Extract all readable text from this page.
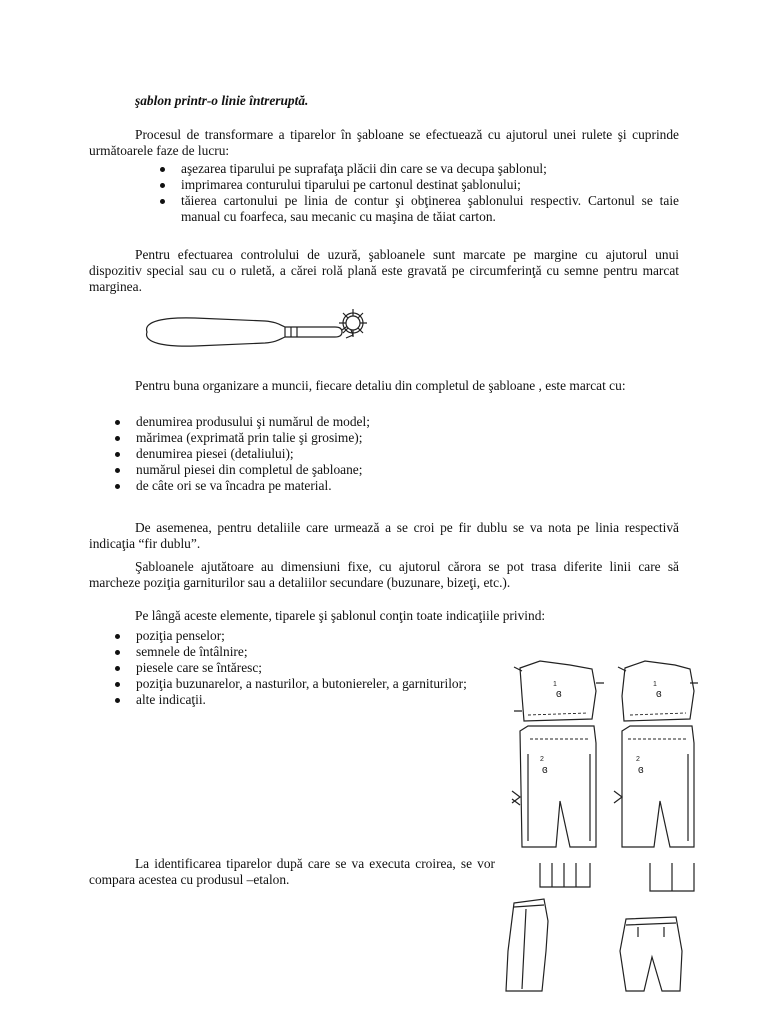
şablon printr-o linie întreruptă.
Procesul de transformare a tiparelor în şabloane se efectuează cu ajutorul unei rulete şi cuprinde următoarele faze de lucru:
aşezarea tiparului pe suprafaţa plăcii din care se va decupa şablonul;
imprimarea conturului tiparului pe cartonul destinat şablonului;
tăierea cartonului pe linia de contur şi obţinerea şablonului respectiv. Cartonul se taie manual cu foarfeca, sau mecanic cu maşina de tăiat carton.
Pentru efectuarea controlului de uzură, şabloanele sunt marcate pe margine cu ajutorul unui dispozitiv special sau cu o ruletă, a cărei rolă plană este gravată pe circumferinţă cu semne pentru marcat marginea.
Pentru buna organizare a muncii, fiecare detaliu din completul de şabloane , este marcat cu:
denumirea produsului şi numărul de model;
mărimea (exprimată prin talie şi grosime);
denumirea piesei (detaliului);
numărul piesei din completul de şabloane;
de câte ori se va încadra pe material.
De asemenea, pentru detaliile care urmează a se croi pe fir dublu se va nota pe linia respectivă indicaţia “fir dublu”.
Şabloanele ajutătoare au dimensiuni fixe, cu ajutorul cărora se pot trasa diferite linii care să marcheze poziţia garniturilor sau a detaliilor secundare (buzunare, bizeţi, etc.).
Pe lângă aceste elemente, tiparele şi şablonul conţin toate indicaţiile privind:
poziţia penselor;
semnele de întâlnire;
piesele care se întăresc;
poziţia buzunarelor, a nasturilor, a butoniereler, a garniturilor;
alte indicaţii.
La identificarea tiparelor după care se va executa croirea, se vor compara acestea cu produsul –etalon.
1
ɞ
1
ɞ
2
ɞ
2
ɞ
